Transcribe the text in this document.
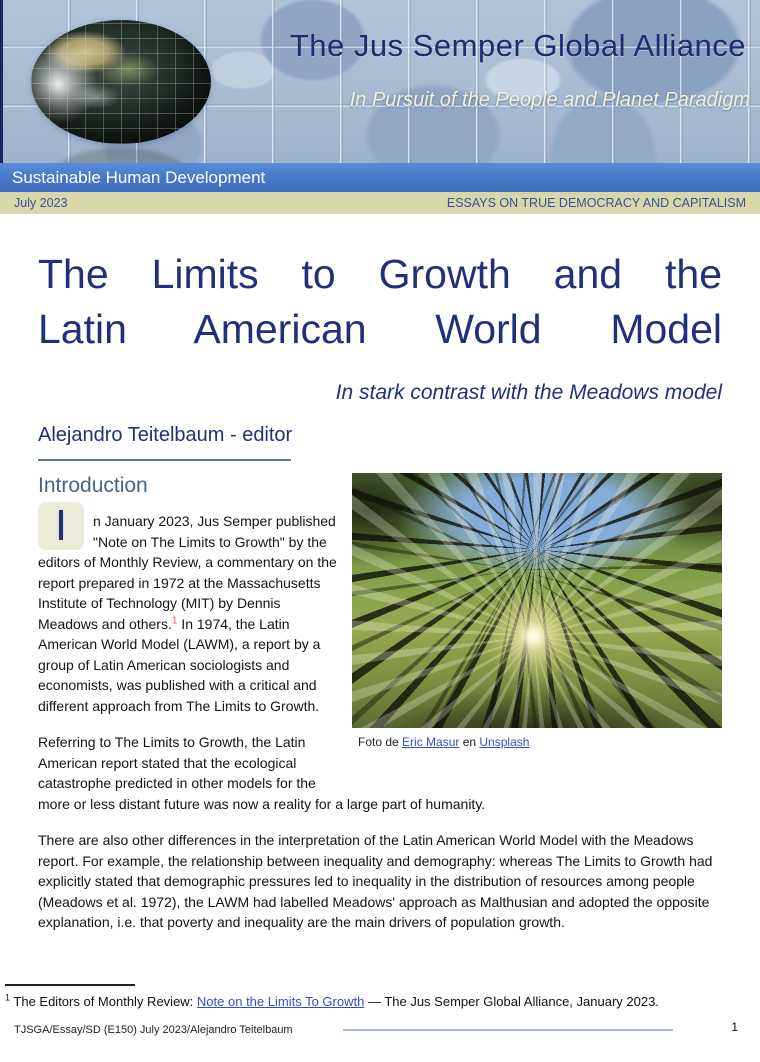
The Jus Semper Global Alliance
In Pursuit of the People and Planet Paradigm
Sustainable Human Development
July 2023	ESSAYS ON TRUE DEMOCRACY AND CAPITALISM
The Limits to Growth and the
Latin American World Model
In stark contrast with the Meadows model
Alejandro Teitelbaum - editor
Foto de Eric Masur en Unsplash
Introduction

I	n January 2023, Jus Semper published "Note on The Limits to Growth" by the editors of Monthly Review, a commentary on the report prepared in 1972 at the Massachusetts Institute of Technology (MIT) by Dennis Meadows and others.$^1$ In 1974, the Latin American World Model (LAWM), a report by a group of Latin American sociologists and economists, was published with a critical and different approach from The Limits to Growth.

Referring to The Limits to Growth, the Latin American report stated that the ecological catastrophe predicted in other models for the more or less distant future was now a reality for a large part of humanity.

There are also other differences in the interpretation of the Latin American World Model with the Meadows report. For example, the relationship between inequality and demography: whereas The Limits to Growth had explicitly stated that demographic pressures led to inequality in the distribution of resources among people (Meadows et al. 1972), the LAWM had labelled Meadows' approach as Malthusian and adopted the opposite explanation, i.e. that poverty and inequality are the main drivers of population growth.

$^1$ The Editors of Monthly Review: Note on the Limits To Growth — The Jus Semper Global Alliance, January 2023.
TJSGA/Essay/SD (E150) July 2023/Alejandro Teitelbaum	1
